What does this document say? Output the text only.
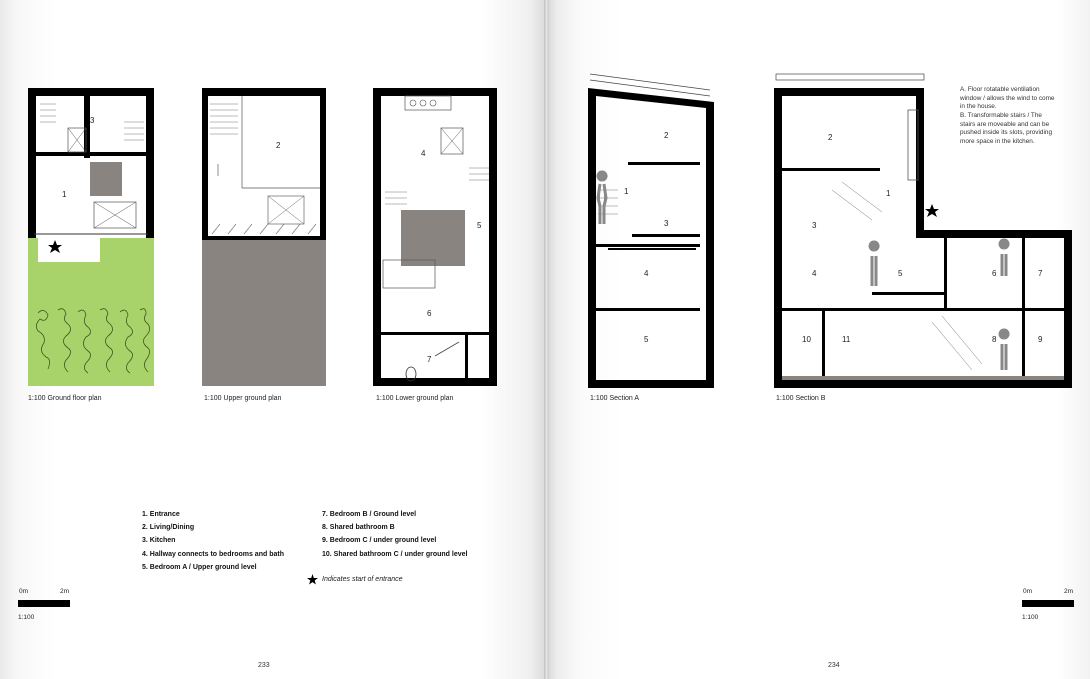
3
1
1:100 Ground floor plan
2
1:100 Upper ground plan
4
5
6
7
1:100 Lower ground plan
2
1
3
4
5
1:100 Section A
2
1
3
4	5	6	7
10	11	8	9
1:100 Section B
A. Floor rotatable ventilation window / allows the wind to come in the house.
B. Transformable stairs / The stairs are moveable and can be pushed inside its slots, providing more space in the kitchen.
1. Entrance
2. Living/Dining
3. Kitchen
4. Hallway connects to bedrooms and bath
5. Bedroom A / Upper ground level
7. Bedroom B / Ground level
8. Shared bathroom B
9. Bedroom C / under ground level
10. Shared bathroom C / under ground level
Indicates start of entrance
0m	2m
1:100
0m	2m
1:100
233	234
